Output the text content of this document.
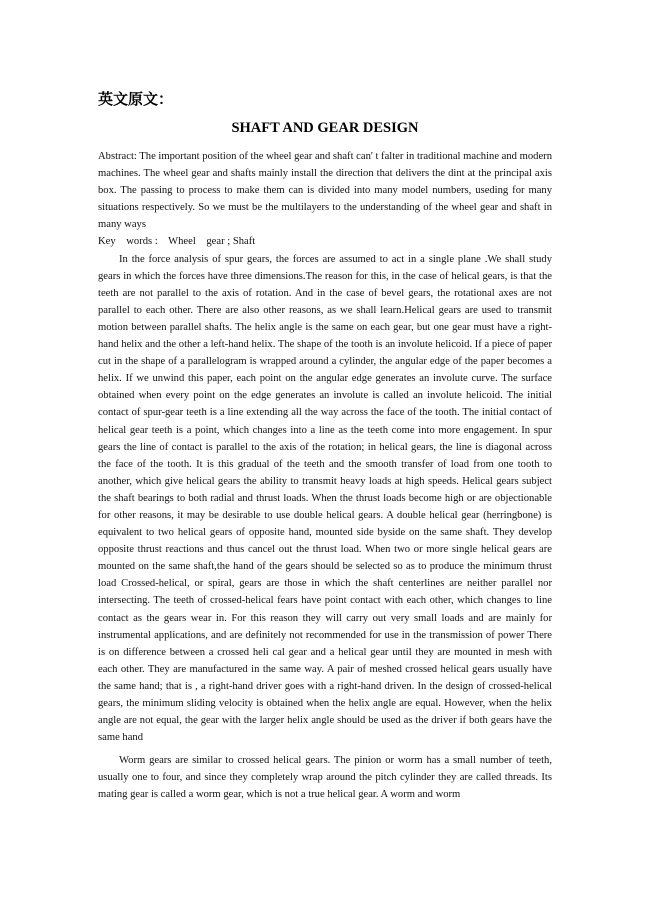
英文原文：
SHAFT AND GEAR DESIGN

Abstract: The important position of the wheel gear and shaft can' t falter in traditional machine and modern machines. The wheel gear and shafts mainly install the direction that delivers the dint at the principal axis box. The passing to process to make them can is divided into many model numbers, useding for many situations respectively. So we must be the multilayers to the understanding of the wheel gear and shaft in many ways

Key    words :    Wheel    gear ; Shaft

In the force analysis of spur gears, the forces are assumed to act in a single plane .We shall study gears in which the forces have three dimensions.The reason for this, in the case of helical gears, is that the teeth are not parallel to the axis of rotation. And in the case of bevel gears, the rotational axes are not parallel to each other. There are also other reasons, as we shall learn.Helical gears are used to transmit motion between parallel shafts. The helix angle is the same on each gear, but one gear must have a right-hand helix and the other a left-hand helix. The shape of the tooth is an involute helicoid. If a piece of paper cut in the shape of a parallelogram is wrapped around a cylinder, the angular edge of the paper becomes a helix. If we unwind this paper, each point on the angular edge generates an involute curve. The surface obtained when every point on the edge generates an involute is called an involute helicoid. The initial contact of spur-gear teeth is a line extending all the way across the face of the tooth. The initial contact of helical gear teeth is a point, which changes into a line as the teeth come into more engagement. In spur gears the line of contact is parallel to the axis of the rotation; in helical gears, the line is diagonal across the face of the tooth. It is this gradual of the teeth and the smooth transfer of load from one tooth to another, which give helical gears the ability to transmit heavy loads at high speeds. Helical gears subject the shaft bearings to both radial and thrust loads. When the thrust loads become high or are objectionable for other reasons, it may be desirable to use double helical gears. A double helical gear (herringbone) is equivalent to two helical gears of opposite hand, mounted side byside on the same shaft. They develop opposite thrust reactions and thus cancel out the thrust load. When two or more single helical gears are mounted on the same shaft,the hand of the gears should be selected so as to produce the minimum thrust load Crossed-helical, or spiral, gears are those in which the shaft centerlines are neither parallel nor intersecting. The teeth of crossed-helical fears have point contact with each other, which changes to line contact as the gears wear in. For this reason they will carry out very small loads and are mainly for instrumental applications, and are definitely not recommended for use in the transmission of power There is on difference between a crossed heli cal gear and a helical gear until they are mounted in mesh with each other. They are manufactured in the same way. A pair of meshed crossed helical gears usually have the same hand; that is , a right-hand driver goes with a right-hand driven. In the design of crossed-helical gears, the minimum sliding velocity is obtained when the helix angle are equal. However, when the helix angle are not equal, the gear with the larger helix angle should be used as the driver if both gears have the same hand

Worm gears are similar to crossed helical gears. The pinion or worm has a small number of teeth, usually one to four, and since they completely wrap around the pitch cylinder they are called threads. Its mating gear is called a worm gear, which is not a true helical gear. A worm and worm
